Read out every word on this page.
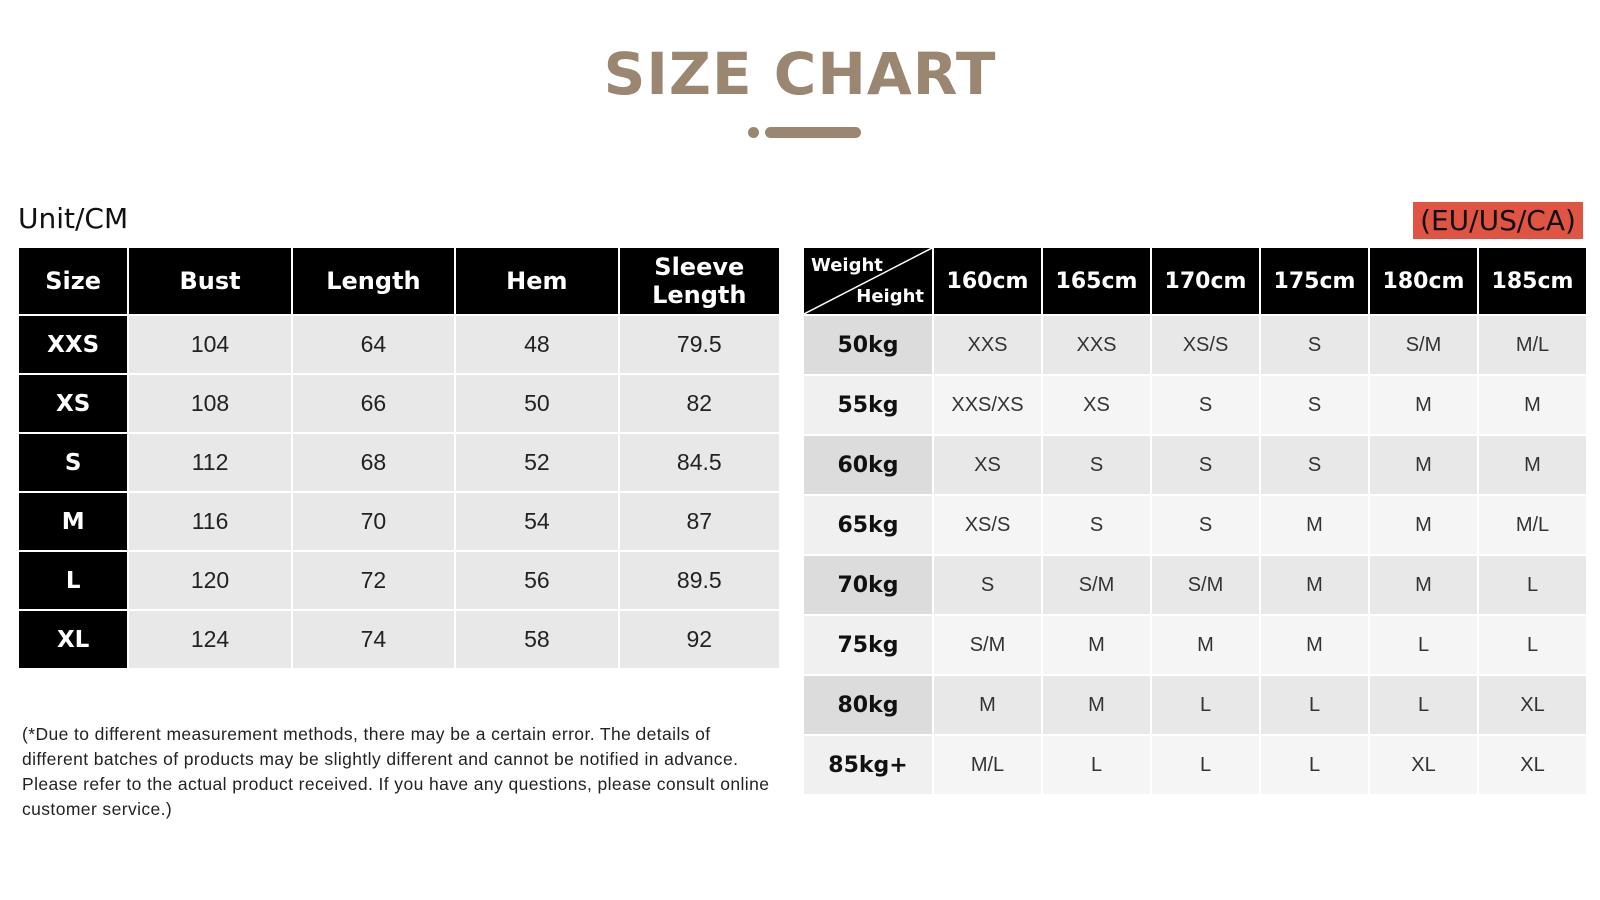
SIZE CHART
Unit/CM	(EU/US/CA)
Size	Bust	Length	Hem	Sleeve Length
XXS	104	64	48	79.5
XS	108	66	50	82
S	112	68	52	84.5
M	116	70	54	87
L	120	72	56	89.5
XL	124	74	58	92
Weight
Height	160cm	165cm	170cm	175cm	180cm	185cm
50kg	XXS	XXS	XS/S	S	S/M	M/L
55kg	XXS/XS	XS	S	S	M	M
60kg	XS	S	S	S	M	M
65kg	XS/S	S	S	M	M	M/L
70kg	S	S/M	S/M	M	M	L
75kg	S/M	M	M	M	L	L
80kg	M	M	L	L	L	XL
85kg+	M/L	L	L	L	XL	XL

(*Due to different measurement methods, there may be a certain error. The details of different batches of products may be slightly different and cannot be notified in advance. Please refer to the actual product received. If you have any questions, please consult online customer service.)
